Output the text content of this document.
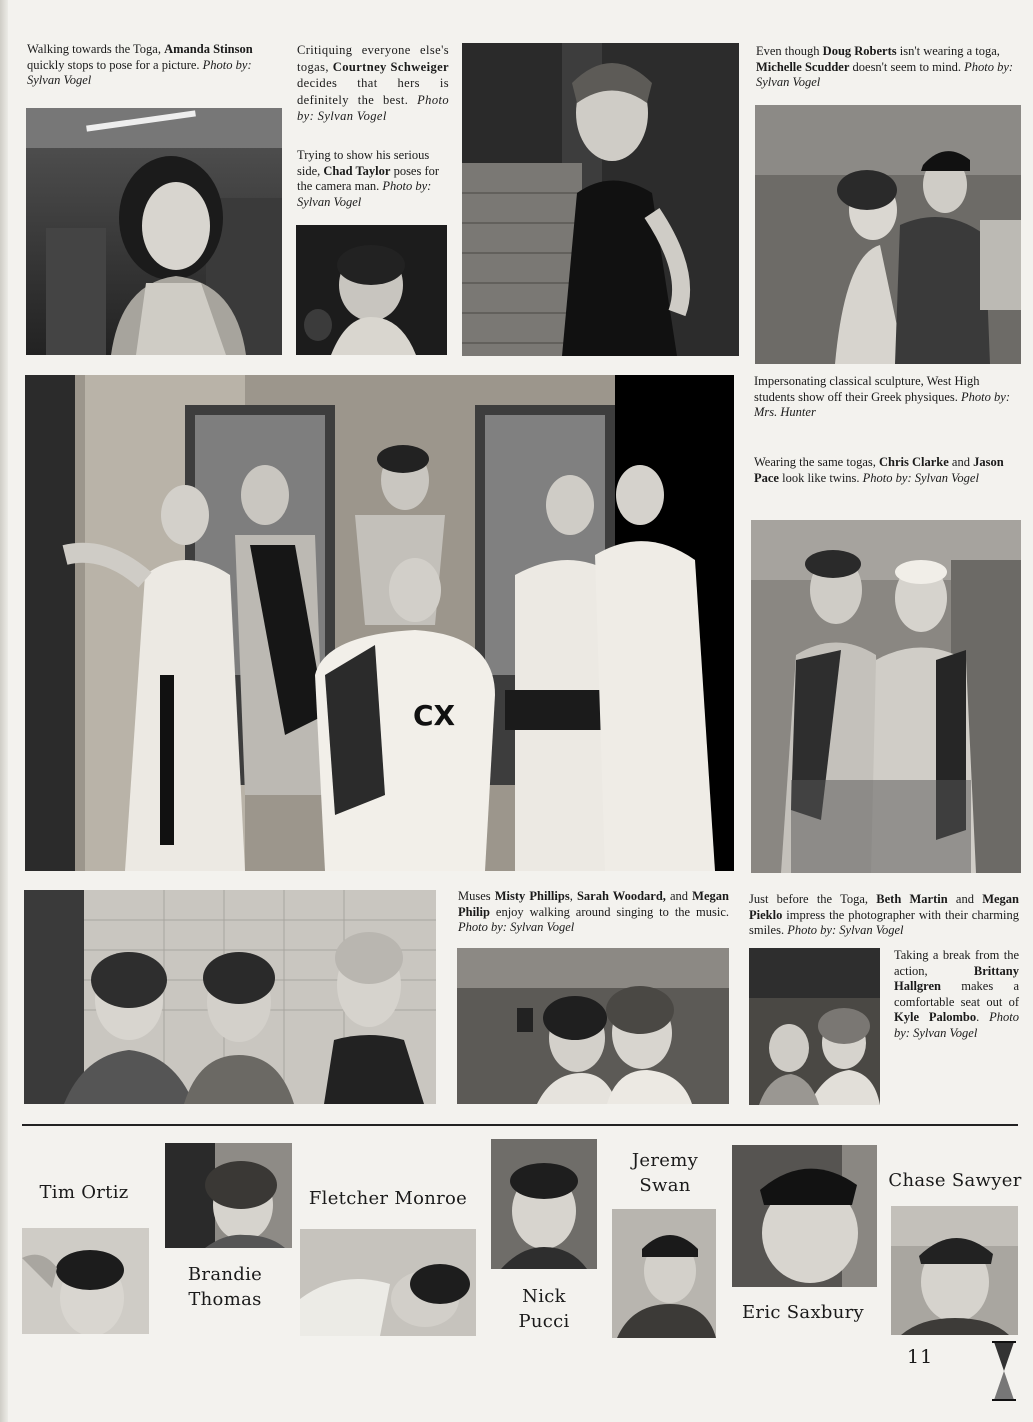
Walking towards the Toga, Amanda Stinson quickly stops to pose for a picture. Photo by: Sylvan Vogel
Critiquing everyone else's togas, Courtney Schweiger decides that hers is definitely the best. Photo by: Sylvan Vogel
Trying to show his serious side, Chad Taylor poses for the camera man. Photo by: Sylvan Vogel
Even though Doug Roberts isn't wearing a toga, Michelle Scudder doesn't seem to mind. Photo by: Sylvan Vogel
CX
Impersonating classical sculpture, West High students show off their Greek physiques. Photo by: Mrs. Hunter
Wearing the same togas, Chris Clarke and Jason Pace look like twins. Photo by: Sylvan Vogel
Muses Misty Phillips, Sarah Woodard, and Megan Philip enjoy walking around singing to the music. Photo by: Sylvan Vogel
Just before the Toga, Beth Martin and Megan Pieklo impress the photographer with their charming smiles. Photo by: Sylvan Vogel
Taking a break from the action, Brittany Hallgren makes a comfortable seat out of Kyle Palombo. Photo by: Sylvan Vogel
Tim Ortiz
Brandie
Thomas
Fletcher Monroe
Nick
Pucci
Jeremy
Swan
Eric Saxbury
Chase Sawyer
11
